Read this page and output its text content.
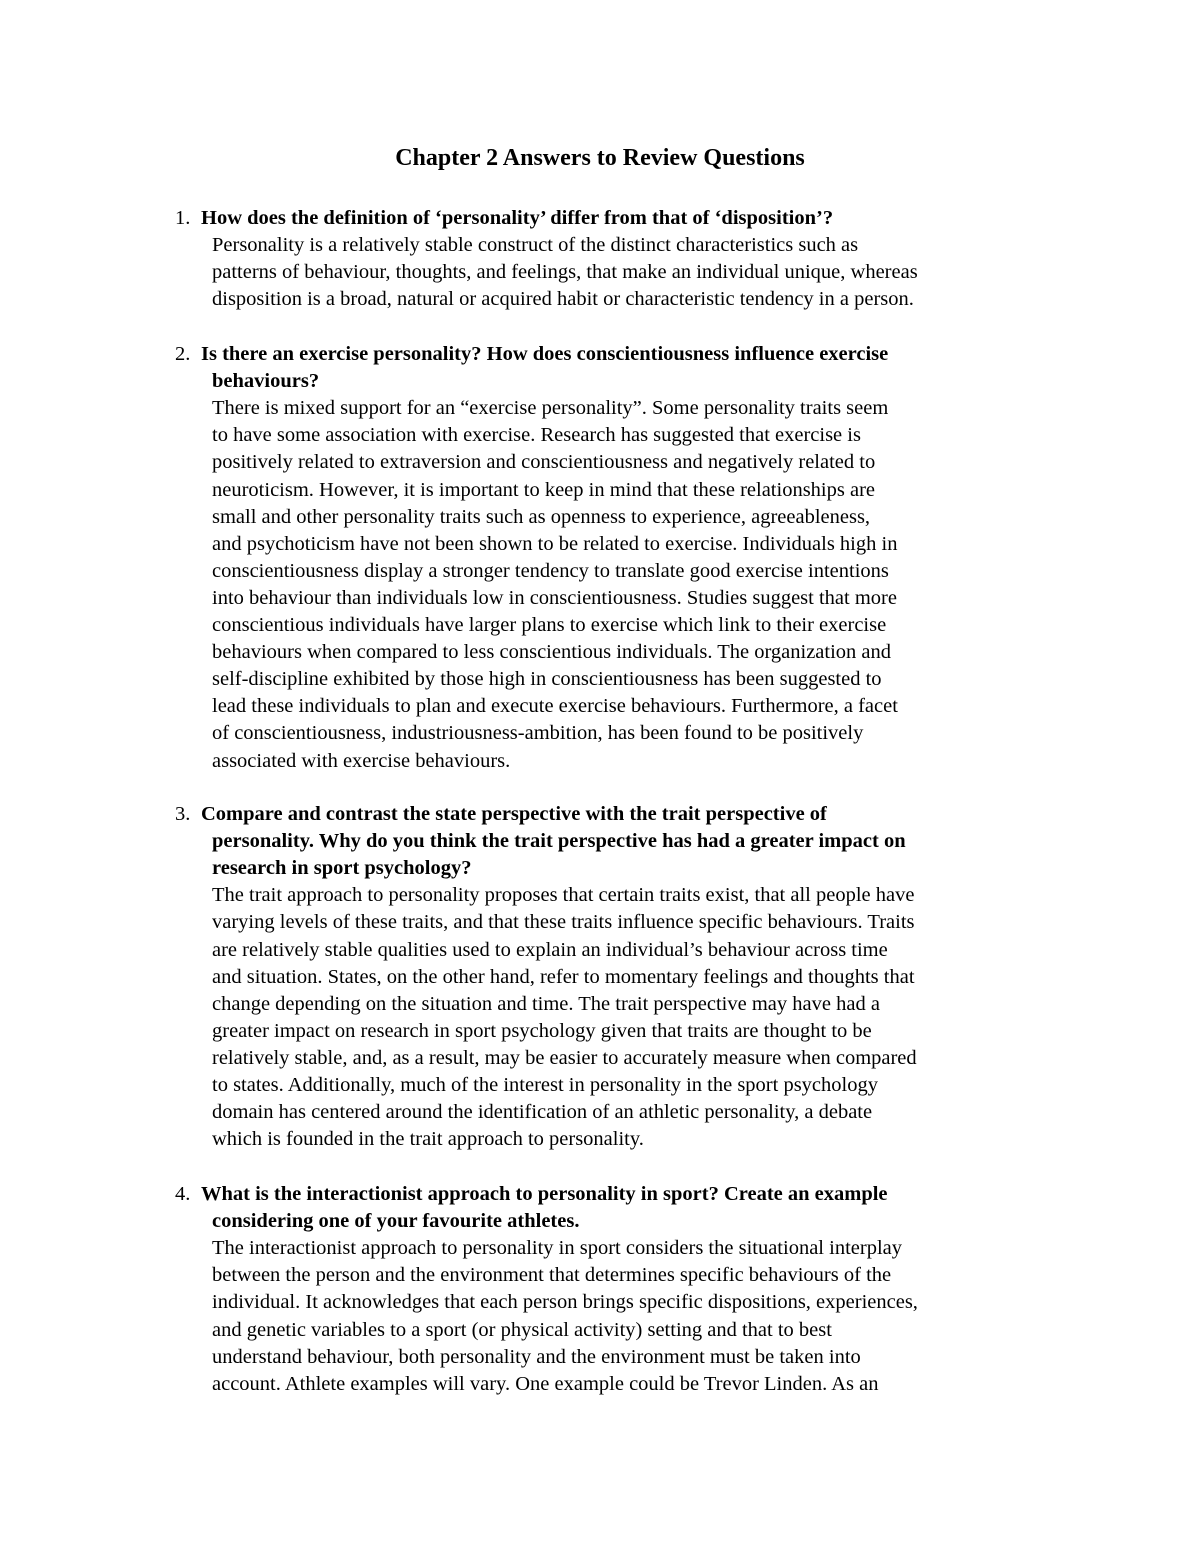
Chapter 2 Answers to Review Questions
1. How does the definition of ‘personality’ differ from that of ‘disposition’?

Personality is a relatively stable construct of the distinct characteristics such as

patterns of behaviour, thoughts, and feelings, that make an individual unique, whereas

disposition is a broad, natural or acquired habit or characteristic tendency in a person.

2. Is there an exercise personality? How does conscientiousness influence exercise

behaviours?

There is mixed support for an “exercise personality”. Some personality traits seem

to have some association with exercise. Research has suggested that exercise is

positively related to extraversion and conscientiousness and negatively related to

neuroticism. However, it is important to keep in mind that these relationships are

small and other personality traits such as openness to experience, agreeableness,

and psychoticism have not been shown to be related to exercise. Individuals high in

conscientiousness display a stronger tendency to translate good exercise intentions

into behaviour than individuals low in conscientiousness. Studies suggest that more

conscientious individuals have larger plans to exercise which link to their exercise

behaviours when compared to less conscientious individuals. The organization and

self-discipline exhibited by those high in conscientiousness has been suggested to

lead these individuals to plan and execute exercise behaviours. Furthermore, a facet

of conscientiousness, industriousness-ambition, has been found to be positively

associated with exercise behaviours.

3. Compare and contrast the state perspective with the trait perspective of

personality. Why do you think the trait perspective has had a greater impact on

research in sport psychology?

The trait approach to personality proposes that certain traits exist, that all people have

varying levels of these traits, and that these traits influence specific behaviours. Traits

are relatively stable qualities used to explain an individual’s behaviour across time

and situation. States, on the other hand, refer to momentary feelings and thoughts that

change depending on the situation and time. The trait perspective may have had a

greater impact on research in sport psychology given that traits are thought to be

relatively stable, and, as a result, may be easier to accurately measure when compared

to states. Additionally, much of the interest in personality in the sport psychology

domain has centered around the identification of an athletic personality, a debate

which is founded in the trait approach to personality.

4. What is the interactionist approach to personality in sport? Create an example

considering one of your favourite athletes.

The interactionist approach to personality in sport considers the situational interplay

between the person and the environment that determines specific behaviours of the

individual. It acknowledges that each person brings specific dispositions, experiences,

and genetic variables to a sport (or physical activity) setting and that to best

understand behaviour, both personality and the environment must be taken into

account. Athlete examples will vary. One example could be Trevor Linden. As an
